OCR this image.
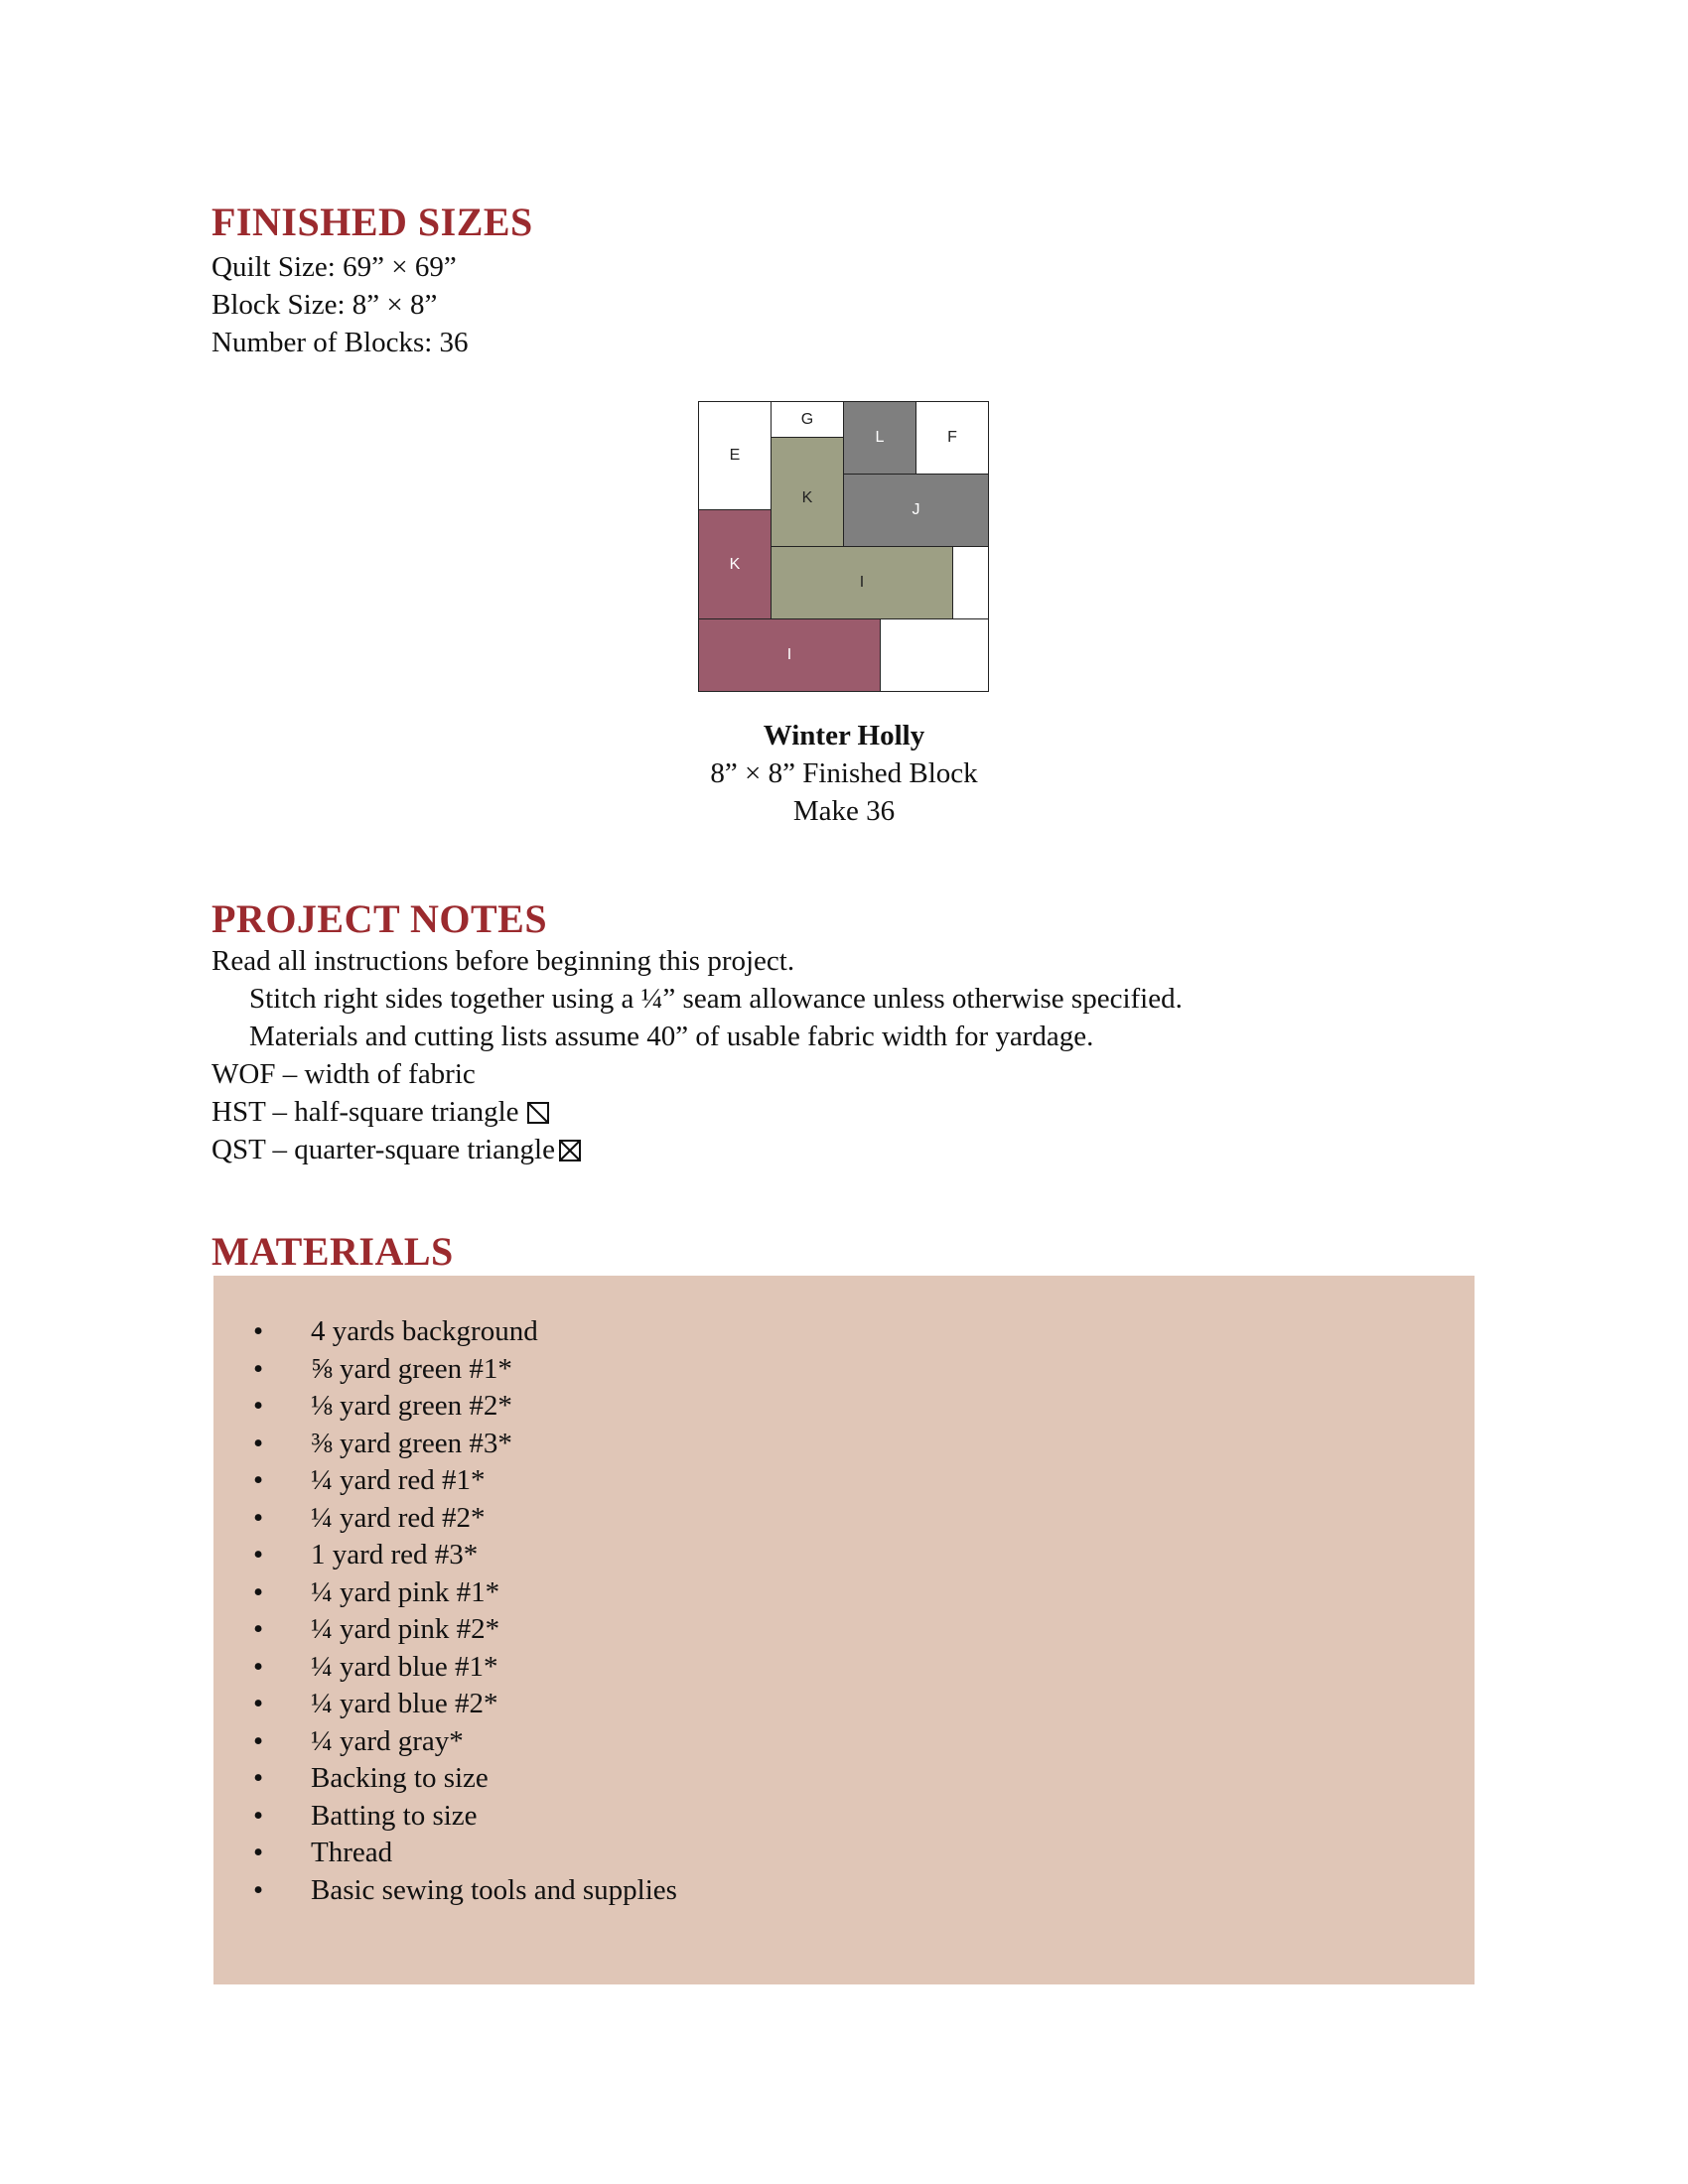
FINISHED SIZES
Quilt Size: 69” × 69”
Block Size: 8” × 8”
Number of Blocks: 36
E
G
L	F
K
J
K
I
I
Winter Holly
8” × 8” Finished Block
Make 36
PROJECT NOTES
Read all instructions before beginning this project.
Stitch right sides together using a ¼” seam allowance unless otherwise specified.
Materials and cutting lists assume 40” of usable fabric width for yardage.
WOF – width of fabric
HST – half-square triangle
QST – quarter-square triangle
MATERIALS
• 4 yards background
• ⅝ yard green #1*
• ⅛ yard green #2*
• ⅜ yard green #3*
• ¼ yard red #1*
• ¼ yard red #2*
• 1 yard red #3*
• ¼ yard pink #1*
• ¼ yard pink #2*
• ¼ yard blue #1*
• ¼ yard blue #2*
• ¼ yard gray*
• Backing to size
• Batting to size
• Thread
• Basic sewing tools and supplies
